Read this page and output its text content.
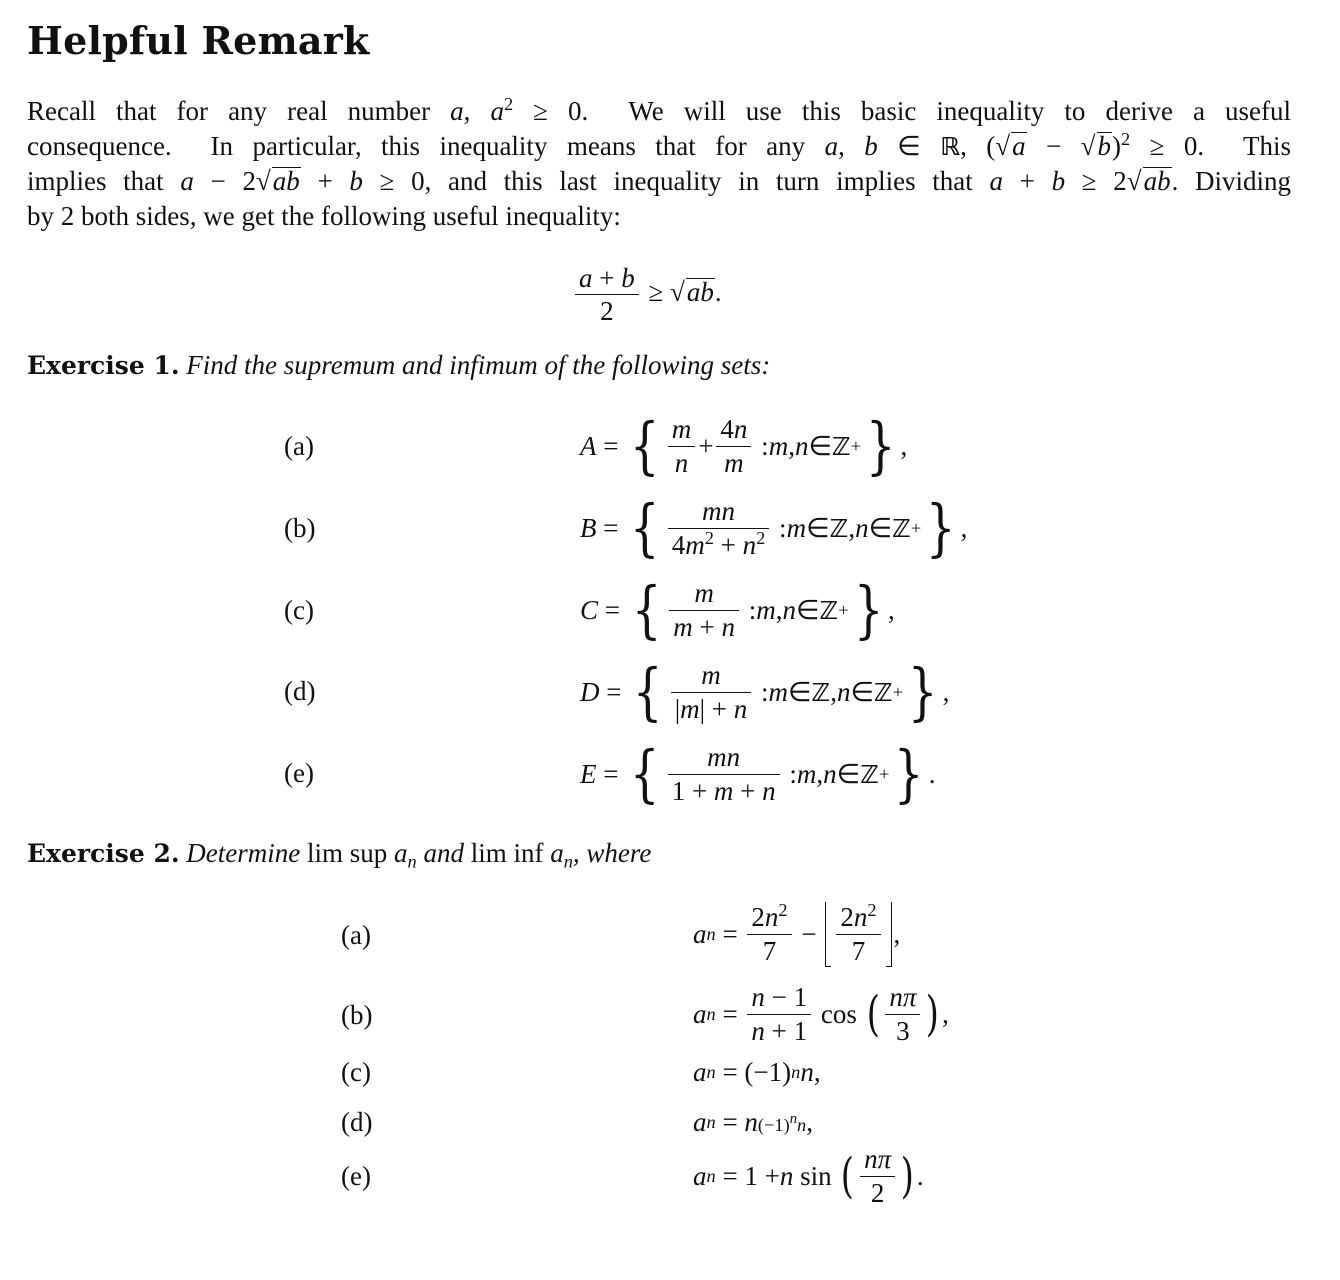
Helpful Remark
Recall that for any real number a, $a^2 \ge 0$.  We will use this basic inequality to derive a useful
consequence.  In particular, this inequality means that for any a, b ∈ ℝ, $(√a - √b)^2 \ge 0$.  This
implies that a − 2√ab + b ≥ 0, and this last inequality in turn implies that a + b ≥ 2√ab. Dividing
by 2 both sides, we get the following useful inequality:
$\frac{a + b}{2} \ge √ab$.
Exercise 1. Find the supremum and infimum of the following sets:
(a)	A = { $\frac{m}{n} + \frac{4n}{m}$ : m , n ∈ ℤ + } ,
(b)	B = { $\frac{mn}{4m^2 + n^2}$ : m ∈ ℤ , n ∈ ℤ + } ,
(c)	C = { $\frac{m}{m + n}$ : m , n ∈ ℤ + } ,
(d)	D = { $\frac{m}{|m| + n}$ : m ∈ ℤ , n ∈ ℤ + } ,
(e)	E = { $\frac{mn}{1 + m + n}$ : m , n ∈ ℤ + } .
Exercise 2. Determine lim sup $a_n$ and lim inf $a_n$, where
(a)	a $n = \frac{2n^2}{7} - \frac{2n^2}{7}$ ,
(b)	a $n = \frac{n - 1}{n + 1}$ cos ( $\frac{n\pi}{3}$ ) ,
(c)	a n = (−1) n n ,
(d)	a n = n $(-1)^nn$ ,
(e)	a n = 1 + n sin ( $\frac{n\pi}{2}$ ) .
